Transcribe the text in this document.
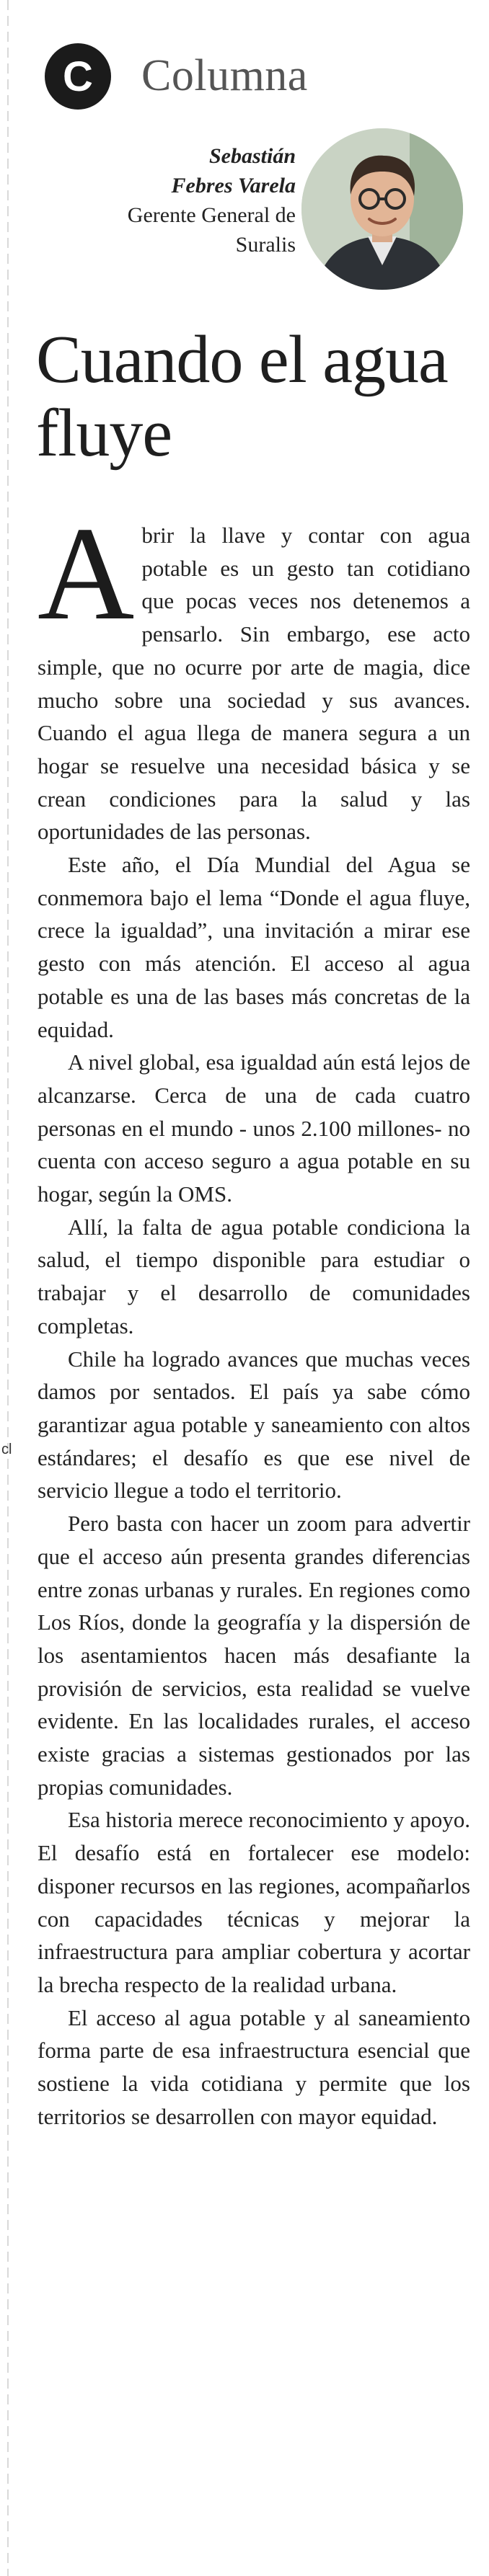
cl
C Columna
Sebastián
Febres Varela
Gerente General de
Suralis
Cuando el agua fluye

Abrir la llave y contar con agua potable es un gesto tan cotidiano que pocas veces nos detenemos a pensarlo. Sin embargo, ese acto simple, que no ocurre por arte de magia, dice mucho sobre una sociedad y sus avances. Cuando el agua llega de manera segura a un hogar se resuelve una necesidad básica y se crean condiciones para la salud y las oportunidades de las personas.

Este año, el Día Mundial del Agua se conmemora bajo el lema “Donde el agua fluye, crece la igualdad”, una invitación a mirar ese gesto con más atención. El acceso al agua potable es una de las bases más concretas de la equidad.

A nivel global, esa igualdad aún está lejos de alcanzarse. Cerca de una de cada cuatro personas en el mundo - unos 2.100 millones- no cuenta con acceso seguro a agua potable en su hogar, según la OMS.

Allí, la falta de agua potable condiciona la salud, el tiempo disponible para estudiar o trabajar y el desarrollo de comunidades completas.

Chile ha logrado avances que muchas veces damos por sentados. El país ya sabe cómo garantizar agua potable y saneamiento con altos estándares; el desafío es que ese nivel de servicio llegue a todo el territorio.

Pero basta con hacer un zoom para advertir que el acceso aún presenta grandes diferencias entre zonas urbanas y rurales. En regiones como Los Ríos, donde la geografía y la dispersión de los asentamientos hacen más desafiante la provisión de servicios, esta realidad se vuelve evidente. En las localidades rurales, el acceso existe gracias a sistemas gestionados por las propias comunidades.

Esa historia merece reconocimiento y apoyo. El desafío está en fortalecer ese modelo: disponer recursos en las regiones, acompañarlos con capacidades técnicas y mejorar la infraestructura para ampliar cobertura y acortar la brecha respecto de la realidad urbana.

El acceso al agua potable y al saneamiento forma parte de esa infraestructura esencial que sostiene la vida cotidiana y permite que los territorios se desarrollen con mayor equidad.
